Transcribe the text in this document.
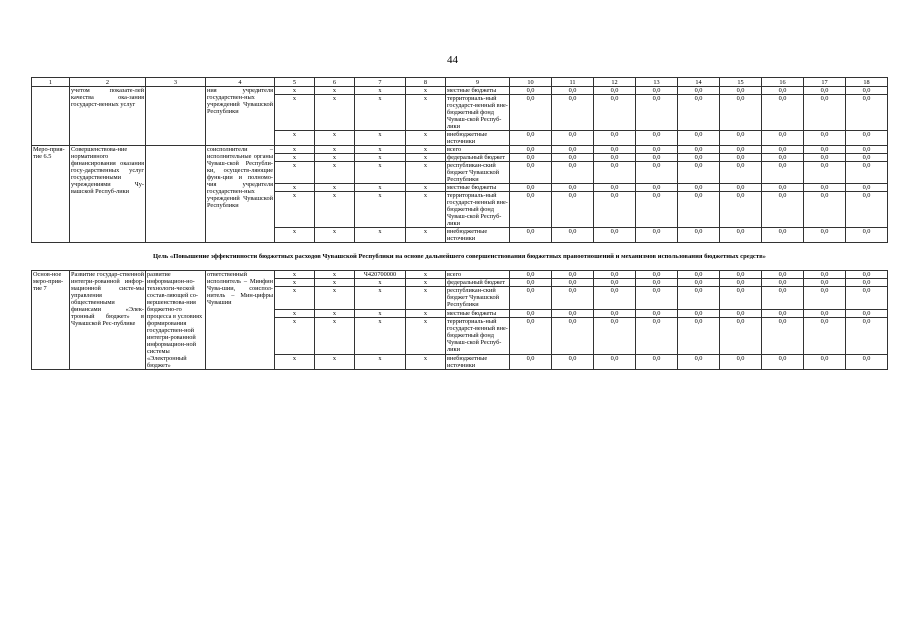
44
1	2	3	4	5	6	7	8	9	10	11	12	13	14	15	16	17	18
	учетом показате-лей качества ока-зания государст-венных услуг		ния учредителя государствен-ных учреждений Чувашской Республики	x	x	x	x	местные бюджеты	0,0	0,0	0,0	0,0	0,0	0,0	0,0	0,0	0,0
				x	x	x	x	территориаль-ный государст-венный вне-бюджетный фонд Чуваш-ской Респуб-лики	0,0	0,0	0,0	0,0	0,0	0,0	0,0	0,0	0,0
				x	x	x	x	внебюджетные источники	0,0	0,0	0,0	0,0	0,0	0,0	0,0	0,0	0,0
Меро-прия-тие 6.5	Совершенствова-ние нормативного финансирования оказания госу-дарственных услуг государственными учреждениями Чу-вашской Респуб-лики		соисполнители – исполнительные органы Чуваш-ской Республи-ки, осуществ-ляющие функ-ции и полномо-чия учредителя государствен-ных учреждений Чувашской Республики	x	x	x	x	всего	0,0	0,0	0,0	0,0	0,0	0,0	0,0	0,0	0,0
				x	x	x	x	федеральный бюджет	0,0	0,0	0,0	0,0	0,0	0,0	0,0	0,0	0,0
				x	x	x	x	республикан-ский бюджет Чувашской Республики	0,0	0,0	0,0	0,0	0,0	0,0	0,0	0,0	0,0
				x	x	x	x	местные бюджеты	0,0	0,0	0,0	0,0	0,0	0,0	0,0	0,0	0,0
				x	x	x	x	территориаль-ный государст-венный вне-бюджетный фонд Чуваш-ской Респуб-лики	0,0	0,0	0,0	0,0	0,0	0,0	0,0	0,0	0,0
				x	x	x	x	внебюджетные источники	0,0	0,0	0,0	0,0	0,0	0,0	0,0	0,0	0,0
Цель «Повышение эффективности бюджетных расходов Чувашской Республики на основе дальнейшего совершенствования бюджетных правоотношений и механизмов использования бюджетных средств»																	
Основ-ное меро-прия-тие 7	Развитие государ-ственной интегри-рованной инфор-мационной систе-мы управления общественными финансами «Элек-тронный бюджет» в Чувашской Рес-публике	развитие информацион-но-технологи-ческой состав-ляющей со-вершенствова-ния бюджетно-го процесса в условиях формирования государствен-ной интегри-рованной информацион-ной системы «Электронный бюджет»	ответственный исполнитель – Минфин Чува-шии, соиспол-нитель – Мин-цифры Чувашии	x	x	Ч420700000	x	всего	0,0	0,0	0,0	0,0	0,0	0,0	0,0	0,0	0,0
				x	x	x	x	федеральный бюджет	0,0	0,0	0,0	0,0	0,0	0,0	0,0	0,0	0,0
				x	x	x	x	республикан-ский бюджет Чувашской Республики	0,0	0,0	0,0	0,0	0,0	0,0	0,0	0,0	0,0
				x	x	x	x	местные бюджеты	0,0	0,0	0,0	0,0	0,0	0,0	0,0	0,0	0,0
				x	x	x	x	территориаль-ный государст-венный вне-бюджетный фонд Чуваш-ской Респуб-лики	0,0	0,0	0,0	0,0	0,0	0,0	0,0	0,0	0,0
				x	x	x	x	внебюджетные источники	0,0	0,0	0,0	0,0	0,0	0,0	0,0	0,0	0,0
